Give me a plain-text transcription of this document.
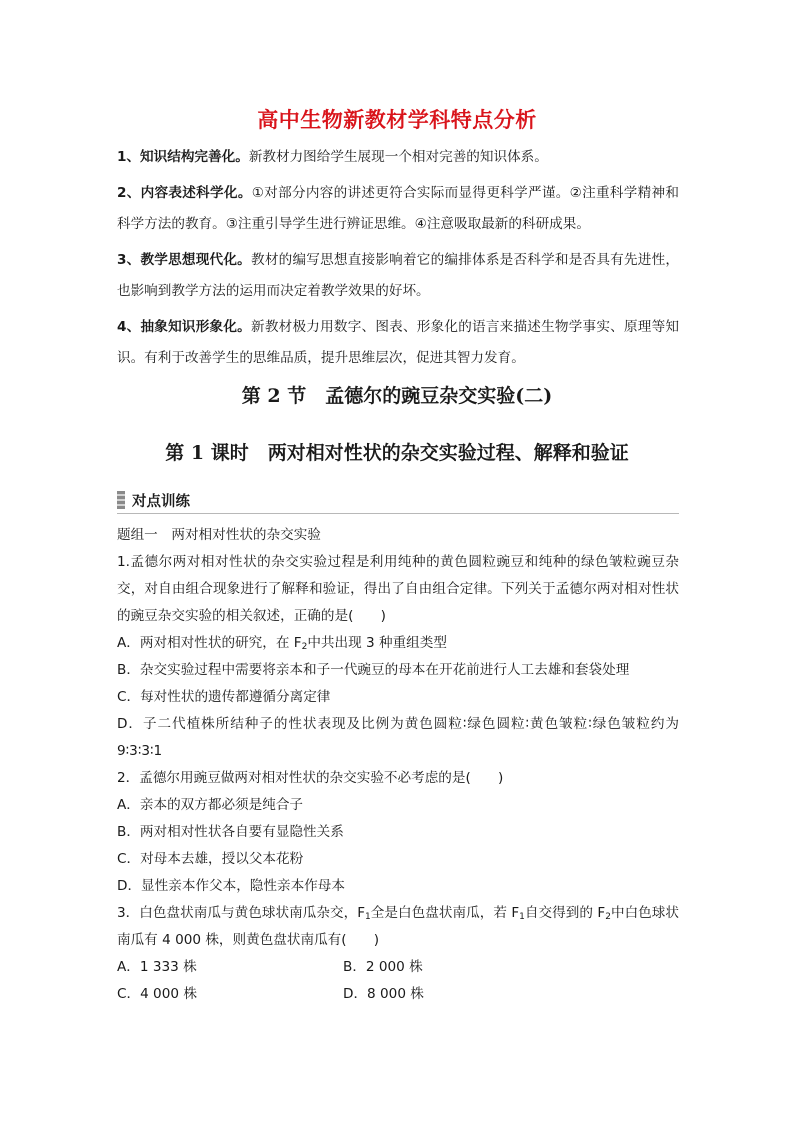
高中生物新教材学科特点分析

1、知识结构完善化。新教材力图给学生展现一个相对完善的知识体系。

2、内容表述科学化。①对部分内容的讲述更符合实际而显得更科学严谨。②注重科学精神和科学方法的教育。③注重引导学生进行辨证思维。④注意吸取最新的科研成果。

3、教学思想现代化。教材的编写思想直接影响着它的编排体系是否科学和是否具有先进性，也影响到教学方法的运用而决定着教学效果的好坏。

4、抽象知识形象化。新教材极力用数字、图表、形象化的语言来描述生物学事实、原理等知识。有利于改善学生的思维品质，提升思维层次，促进其智力发育。

第 2 节　孟德尔的豌豆杂交实验(二)
第 1 课时　两对相对性状的杂交实验过程、解释和验证
对点训练

题组一　两对相对性状的杂交实验

1.孟德尔两对相对性状的杂交实验过程是利用纯种的黄色圆粒豌豆和纯种的绿色皱粒豌豆杂交，对自由组合现象进行了解释和验证，得出了自由组合定律。下列关于孟德尔两对相对性状的豌豆杂交实验的相关叙述，正确的是(　　)

A．两对相对性状的研究，在 $F_2$中共出现 3 种重组类型

B．杂交实验过程中需要将亲本和子一代豌豆的母本在开花前进行人工去雄和套袋处理

C．每对性状的遗传都遵循分离定律

D．子二代植株所结种子的性状表现及比例为黄色圆粒∶绿色圆粒∶黄色皱粒∶绿色皱粒约为 9∶3∶3∶1

2．孟德尔用豌豆做两对相对性状的杂交实验不必考虑的是(　　)

A．亲本的双方都必须是纯合子

B．两对相对性状各自要有显隐性关系

C．对母本去雄，授以父本花粉

D．显性亲本作父本，隐性亲本作母本

3．白色盘状南瓜与黄色球状南瓜杂交，$F_1$全是白色盘状南瓜，若 $F_1$自交得到的 $F_2$中白色球状南瓜有 4 000 株，则黄色盘状南瓜有(　　)

A．1 333 株	B．2 000 株

C．4 000 株	D．8 000 株
